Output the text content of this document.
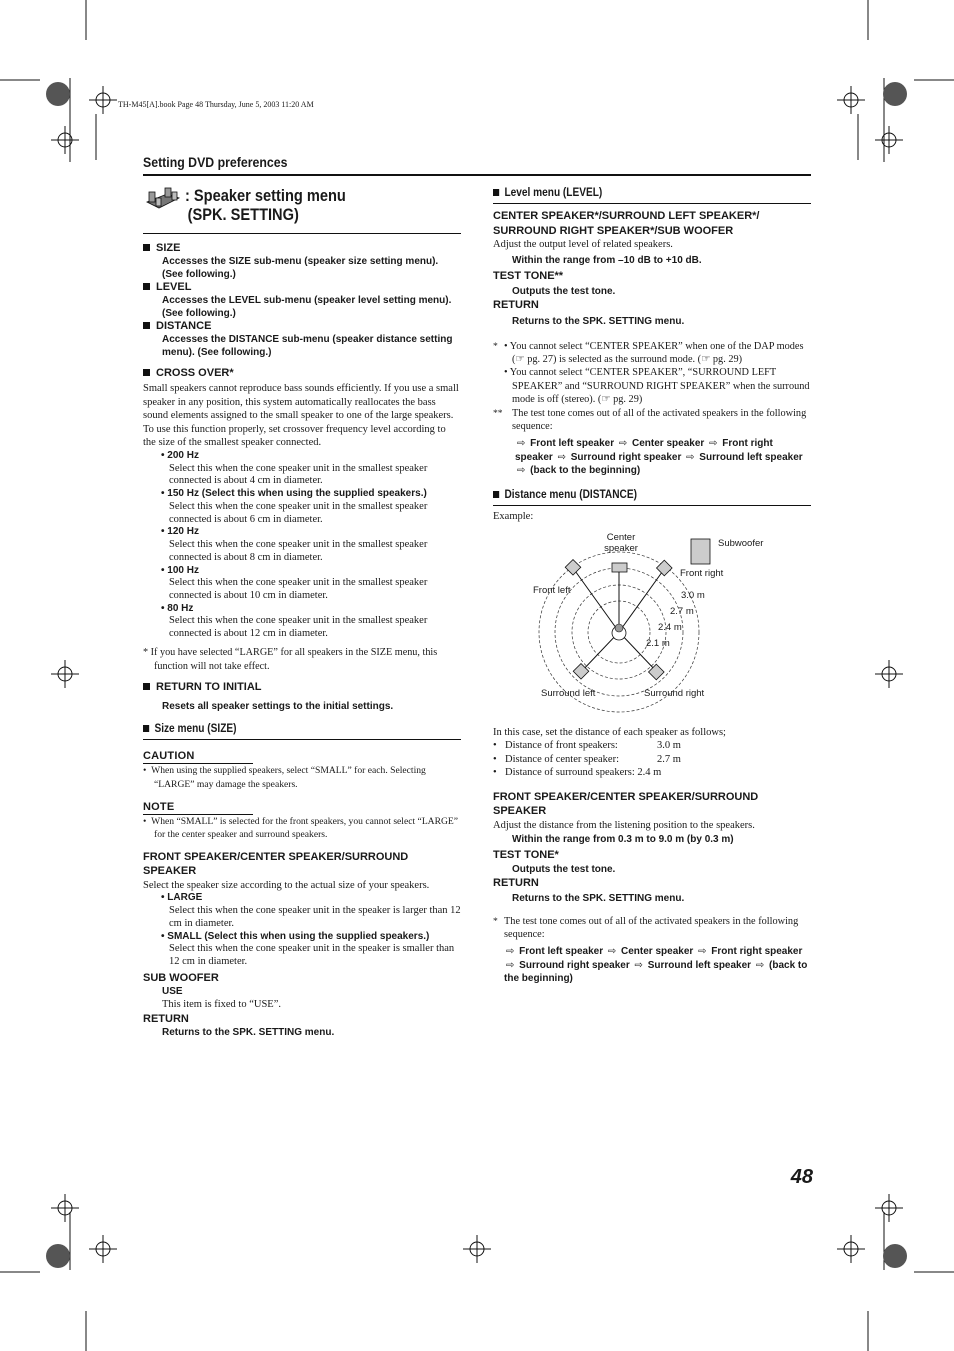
TH-M45[A].book Page 48 Thursday, June 5, 2003 11:20 AM
Setting DVD preferences
: Speaker setting menu
(SPK. SETTING)
SIZE
Accesses the SIZE sub-menu (speaker size setting menu). (See following.)
LEVEL
Accesses the LEVEL sub-menu (speaker level setting menu). (See following.)
DISTANCE
Accesses the DISTANCE sub-menu (speaker distance setting menu). (See following.)
CROSS OVER*
Small speakers cannot reproduce bass sounds efficiently. If you use a small speaker in any position, this system automatically reallocates the bass sound elements assigned to the small speaker to one of the large speakers.
To use this function properly, set crossover frequency level according to the size of the smallest speaker connected.
• 200 Hz
Select this when the cone speaker unit in the smallest speaker connected is about 4 cm in diameter.
• 150 Hz (Select this when using the supplied speakers.)
Select this when the cone speaker unit in the smallest speaker connected is about 6 cm in diameter.
• 120 Hz
Select this when the cone speaker unit in the smallest speaker connected is about 8 cm in diameter.
• 100 Hz
Select this when the cone speaker unit in the smallest speaker connected is about 10 cm in diameter.
• 80 Hz
Select this when the cone speaker unit in the smallest speaker connected is about 12 cm in diameter.
* If you have selected “LARGE” for all speakers in the SIZE menu, this function will not take effect.
RETURN TO INITIAL
Resets all speaker settings to the initial settings.
Size menu (SIZE)
CAUTION
•  When using the supplied speakers, select “SMALL” for each. Selecting “LARGE” may damage the speakers.
NOTE
•  When “SMALL” is selected for the front speakers, you cannot select “LARGE” for the center speaker and surround speakers.
FRONT SPEAKER/CENTER SPEAKER/SURROUND SPEAKER
Select the speaker size according to the actual size of your speakers.
• LARGE
Select this when the cone speaker unit in the speaker is larger than 12 cm in diameter.
• SMALL (Select this when using the supplied speakers.)
Select this when the cone speaker unit in the speaker is smaller than 12 cm in diameter.
SUB WOOFER
USE
This item is fixed to “USE”.
RETURN
Returns to the SPK. SETTING menu.
Level menu (LEVEL)
CENTER SPEAKER*/SURROUND LEFT SPEAKER*/
SURROUND RIGHT SPEAKER*/SUB WOOFER
Adjust the output level of related speakers.
Within the range from –10 dB to +10 dB.
TEST TONE**
Outputs the test tone.
RETURN
Returns to the SPK. SETTING menu.
* • You cannot select “CENTER SPEAKER” when one of the DAP modes (☞ pg. 27) is selected as the surround mode. (☞ pg. 29)
• You cannot select “CENTER SPEAKER”, “SURROUND LEFT SPEAKER” and “SURROUND RIGHT SPEAKER” when the surround mode is off (stereo). (☞ pg. 29)
** The test tone comes out of all of the activated speakers in the following sequence:
⇨ Front left speaker ⇨ Center speaker ⇨ Front right speaker ⇨ Surround right speaker ⇨ Surround left speaker ⇨ (back to the beginning)
Distance menu (DISTANCE)
Example:
Center
speaker	Subwoofer
Front left
Front right
Surround left	Surround right
3.0 m
2.7 m
2.4 m
2.1 m
In this case, set the distance of each speaker as follows;
• Distance of front speakers:	3.0 m
• Distance of center speaker:	2.7 m
• Distance of surround speakers:
2.4 m
FRONT SPEAKER/CENTER SPEAKER/SURROUND SPEAKER
Adjust the distance from the listening position to the speakers.
Within the range from 0.3 m to 9.0 m (by 0.3 m)
TEST TONE*
Outputs the test tone.
RETURN
Returns to the SPK. SETTING menu.
* The test tone comes out of all of the activated speakers in the following sequence:
⇨ Front left speaker ⇨ Center speaker ⇨ Front right speaker ⇨ Surround right speaker ⇨ Surround left speaker ⇨ (back to the beginning)
48
